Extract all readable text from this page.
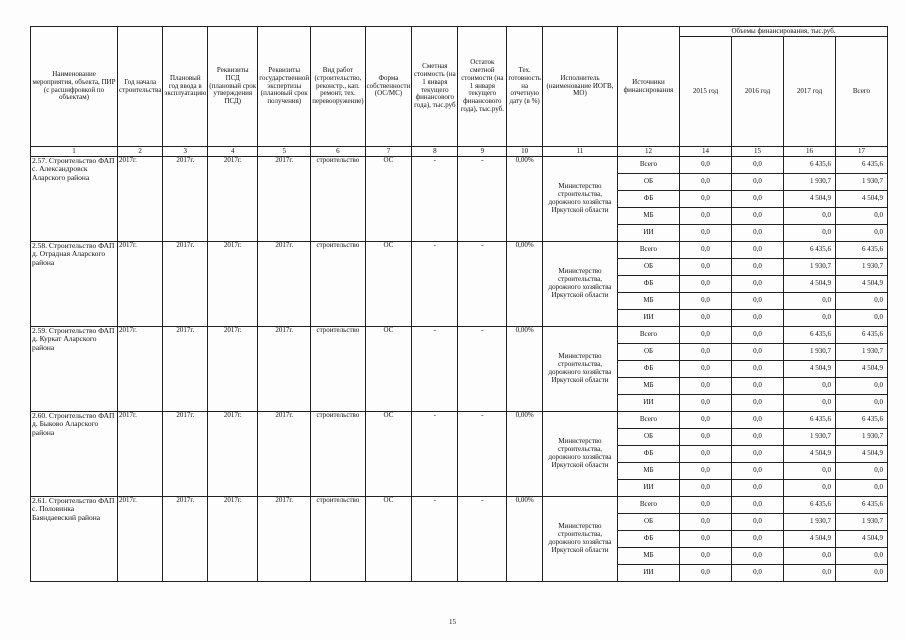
Наименование мероприятия, объекта, ПИР (с расшифровкой по объектам)	Год начала строительства	Плановый год ввода в эксплуатацию	Реквизиты ПСД (плановый срок утверждения ПСД)	Реквизиты государственной экспертизы (плановый срок получения)	Вид работ (строительство, реконстр., кап. ремонт, тех. перевооружение)	Форма собственности (ОС/МС)	Сметная стоимость (на 1 января текущего финансового года), тыс.руб	Остаток сметной стоимости (на 1 января текущего финансового года), тыс.руб.	Тех. готовность на отчетную дату (в %)	Исполнитель (наименование ИОГВ, МО)	Источники финансирования	Объемы финансирования, тыс.руб.			
												2015 год	2016 год	2017 год	Всего
1	2	3	4	5	6	7	8	9	10	11	12	14	15	16	17
2.57. Строительство ФАП с. Александровск Аларского района	2017г.	2017г.	2017г.	2017г.	строительство	ОС	-	-	0,00%	Министерство строительства, дорожного хозяйства Иркутской области	Всего	0,0	0,0	6 435,6	6 435,6
											ОБ	0,0	0,0	1 930,7	1 930,7
											ФБ	0,0	0,0	4 504,9	4 504,9
											МБ	0,0	0,0	0,0	0,0
											ИИ	0,0	0,0	0,0	0,0
2.58. Строительство ФАП д. Отрадная Аларского района	2017г.	2017г.	2017г.	2017г.	строительство	ОС	-	-	0,00%	Министерство строительства, дорожного хозяйства Иркутской области	Всего	0,0	0,0	6 435,6	6 435,6
											ОБ	0,0	0,0	1 930,7	1 930,7
											ФБ	0,0	0,0	4 504,9	4 504,9
											МБ	0,0	0,0	0,0	0,0
											ИИ	0,0	0,0	0,0	0,0
2.59. Строительство ФАП д. Куркат Аларского района	2017г.	2017г.	2017г.	2017г.	строительство	ОС	-	-	0,00%	Министерство строительства, дорожного хозяйства Иркутской области	Всего	0,0	0,0	6 435,6	6 435,6
											ОБ	0,0	0,0	1 930,7	1 930,7
											ФБ	0,0	0,0	4 504,9	4 504,9
											МБ	0,0	0,0	0,0	0,0
											ИИ	0,0	0,0	0,0	0,0
2.60. Строительство ФАП д. Быково Аларского района	2017г.	2017г.	2017г.	2017г.	строительство	ОС	-	-	0,00%	Министерство строительства, дорожного хозяйства Иркутской области	Всего	0,0	0,0	6 435,6	6 435,6
											ОБ	0,0	0,0	1 930,7	1 930,7
											ФБ	0,0	0,0	4 504,9	4 504,9
											МБ	0,0	0,0	0,0	0,0
											ИИ	0,0	0,0	0,0	0,0
2.61. Строительство ФАП с. Половинка Баяндаевский района	2017г.	2017г.	2017г.	2017г.	строительство	ОС	-	-	0,00%	Министерство строительства, дорожного хозяйства Иркутской области	Всего	0,0	0,0	6 435,6	6 435,6
											ОБ	0,0	0,0	1 930,7	1 930,7
											ФБ	0,0	0,0	4 504,9	4 504,9
											МБ	0,0	0,0	0,0	0,0
											ИИ	0,0	0,0	0,0	0,0
15
